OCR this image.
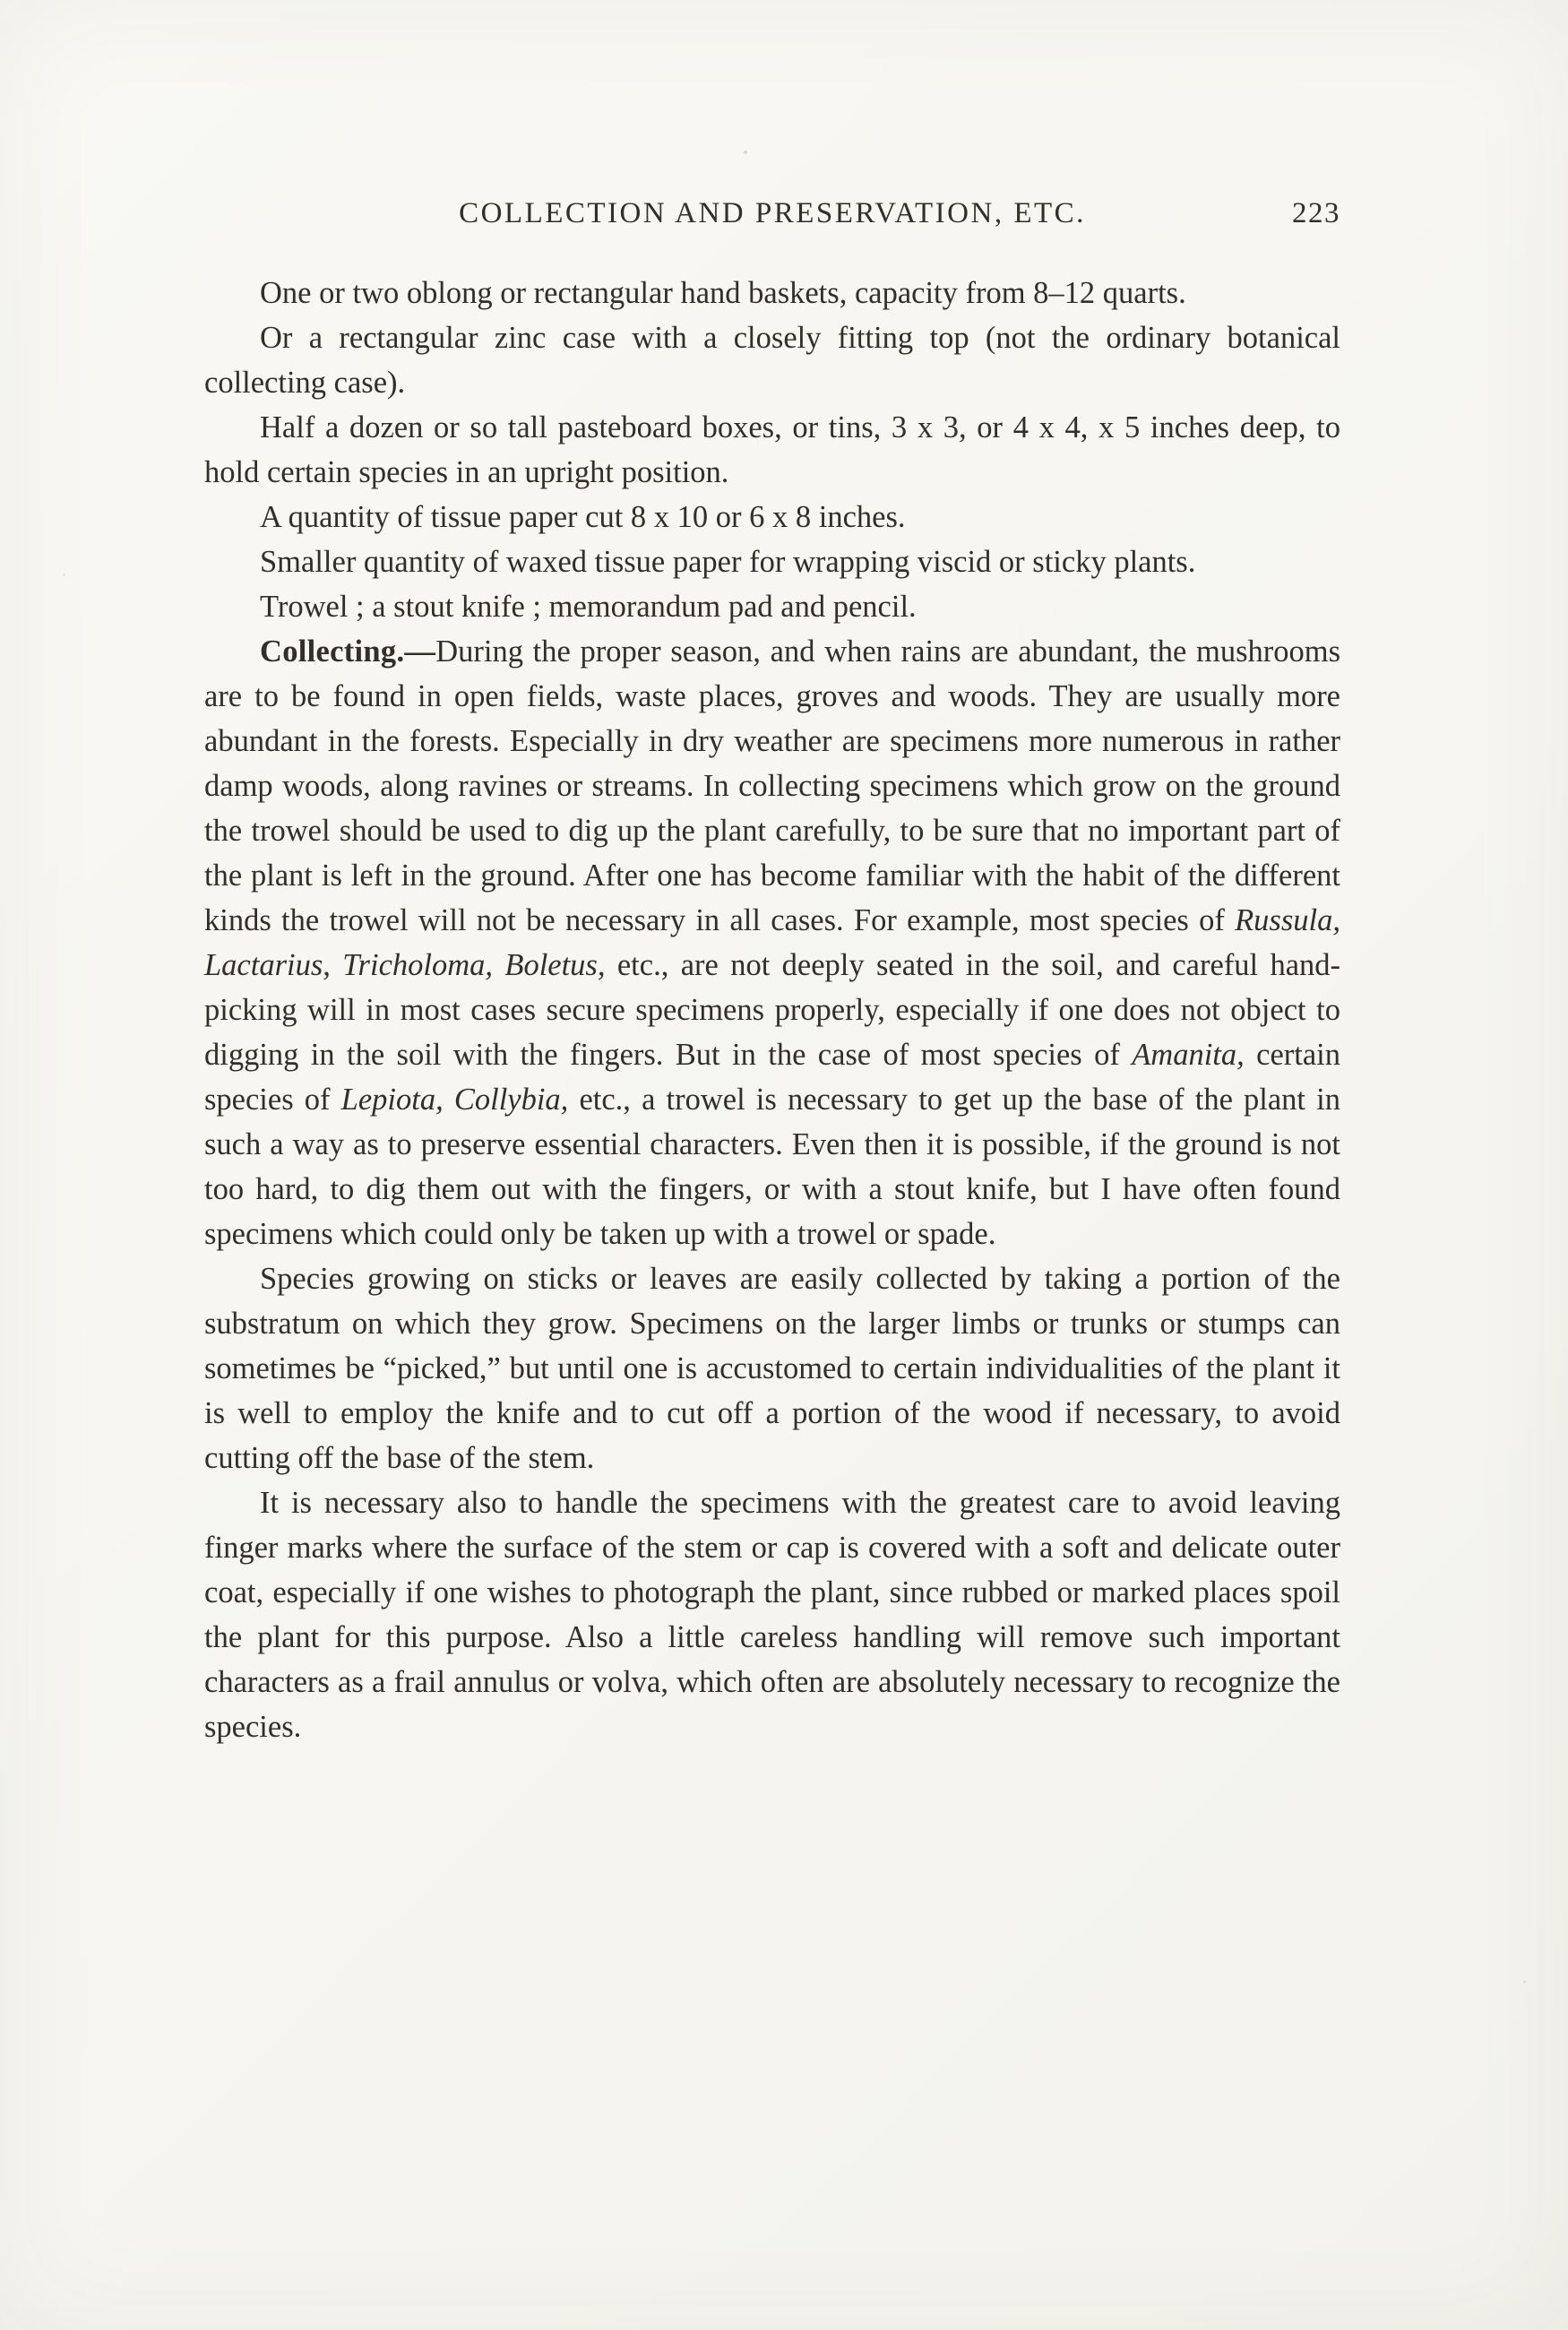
COLLECTION AND PRESERVATION, ETC.	223

One or two oblong or rectangular hand baskets, capacity from 8–12 quarts.

Or a rectangular zinc case with a closely fitting top (not the ordinary botanical collecting case).

Half a dozen or so tall pasteboard boxes, or tins, 3 x 3, or 4 x 4, x 5 inches deep, to hold certain species in an upright position.

A quantity of tissue paper cut 8 x 10 or 6 x 8 inches.

Smaller quantity of waxed tissue paper for wrapping viscid or sticky plants.

Trowel ; a stout knife ; memorandum pad and pencil.

Collecting.—During the proper season, and when rains are abundant, the mushrooms are to be found in open fields, waste places, groves and woods. They are usually more abundant in the forests. Especially in dry weather are specimens more numerous in rather damp woods, along ravines or streams. In collecting specimens which grow on the ground the trowel should be used to dig up the plant carefully, to be sure that no important part of the plant is left in the ground. After one has become familiar with the habit of the different kinds the trowel will not be necessary in all cases. For example, most species of Russula, Lactarius, Tricholoma, Boletus, etc., are not deeply seated in the soil, and careful hand-picking will in most cases secure specimens properly, especially if one does not object to digging in the soil with the fingers. But in the case of most species of Amanita, certain species of Lepiota, Collybia, etc., a trowel is necessary to get up the base of the plant in such a way as to preserve essential characters. Even then it is possible, if the ground is not too hard, to dig them out with the fingers, or with a stout knife, but I have often found specimens which could only be taken up with a trowel or spade.

Species growing on sticks or leaves are easily collected by taking a portion of the substratum on which they grow. Specimens on the larger limbs or trunks or stumps can sometimes be “picked,” but until one is accustomed to certain individualities of the plant it is well to employ the knife and to cut off a portion of the wood if necessary, to avoid cutting off the base of the stem.

It is necessary also to handle the specimens with the greatest care to avoid leaving finger marks where the surface of the stem or cap is covered with a soft and delicate outer coat, especially if one wishes to photograph the plant, since rubbed or marked places spoil the plant for this purpose. Also a little careless handling will remove such important characters as a frail annulus or volva, which often are absolutely necessary to recognize the species.
